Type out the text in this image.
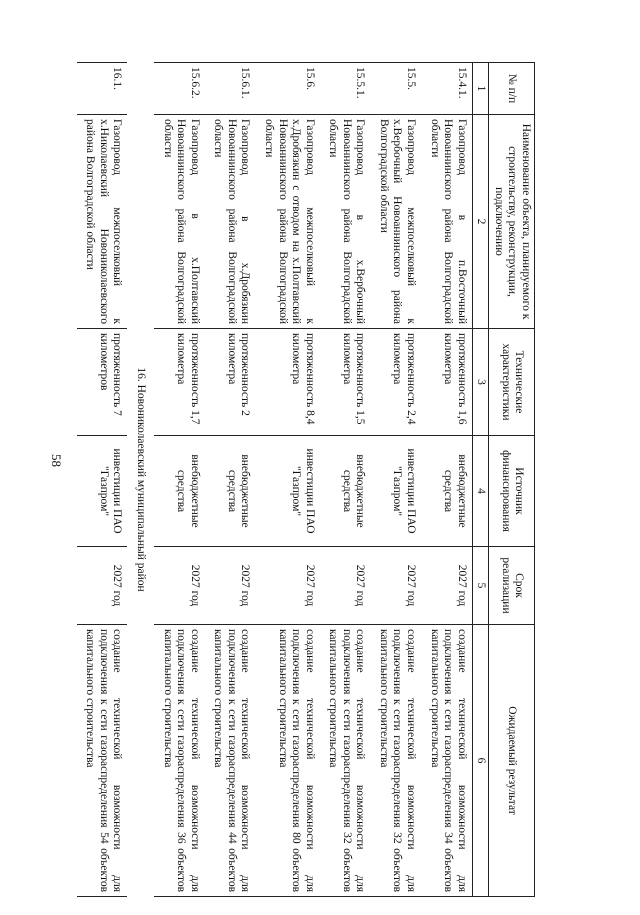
58
№ п/п	Наименование объекта, планируемого к строительству, реконструкции, подключению	Технические характеристики	Источник финансирования	Срок реализации	Ожидаемый результат
1	2	3	4	5	6
15.4.1.	Газопровод в п.Восточный Новоаннинского района Волгоградской области	протяженность 1,6 километра	внебюджетные средства	2027 год	создание технической возможности для подключения к сети газораспределения 34 объектов капитального строительства
15.5.	Газопровод межпоселковый к х.Вербочный Новоаннинского района Волгоградской области	протяженность 2,4 километра	инвестиции ПАО "Газпром"	2027 год	создание технической возможности для подключения к сети газораспределения 32 объектов капитального строительства
15.5.1.	Газопровод в х.Вербочный Новоаннинского района Волгоградской области	протяженность 1,5 километра	внебюджетные средства	2027 год	создание технической возможности для подключения к сети газораспределения 32 объектов капитального строительства
15.6.	Газопровод межпоселковый к х.Дробязкин с отводом на х.Полтавский Новоаннинского района Волгоградской области	протяженность 8,4 километра	инвестиции ПАО "Газпром"	2027 год	создание технической возможности для подключения к сети газораспределения 80 объектов капитального строительства
15.6.1.	Газопровод в х.Дробязкин Новоаннинского района Волгоградской области	протяженность 2 километра	внебюджетные средства	2027 год	создание технической возможности для подключения к сети газораспределения 44 объектов капитального строительства
15.6.2.	Газопровод в х.Полтавский Новоаннинского района Волгоградской области	протяженность 1,7 километра	внебюджетные средства	2027 год	создание технической возможности для подключения к сети газораспределения 36 объектов капитального строительства
16. Новониколаевский муниципальный район					
16.1.	Газопровод межпоселковый к х.Николаевский Новониколаевского района Волгоградской области	протяженность 7 километров	инвестиции ПАО "Газпром"	2027 год	создание технической возможности для подключения к сети газораспределения 54 объектов капитального строительства
